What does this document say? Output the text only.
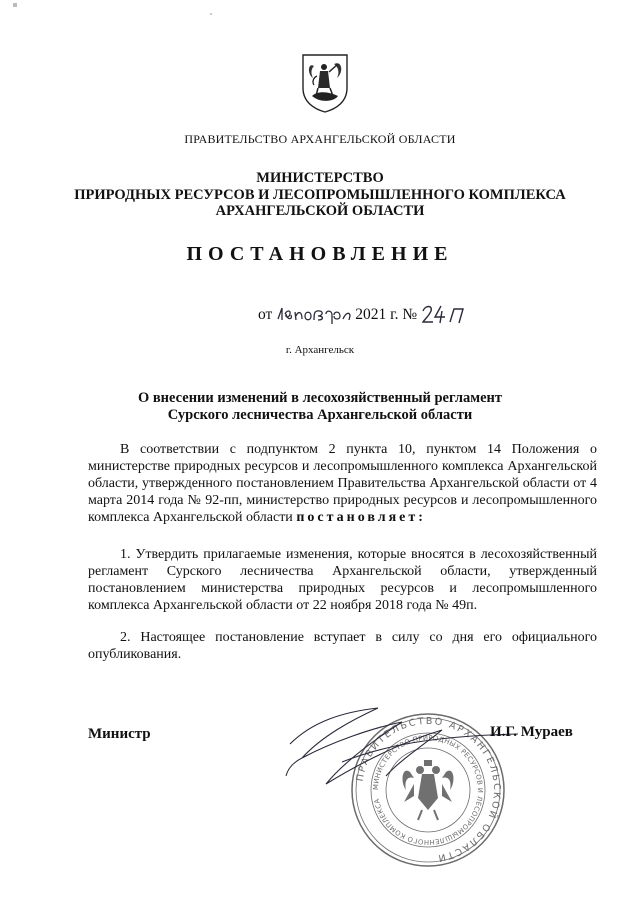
ПРАВИТЕЛЬСТВО АРХАНГЕЛЬСКОЙ ОБЛАСТИ
МИНИСТЕРСТВО
ПРИРОДНЫХ РЕСУРСОВ И ЛЕСОПРОМЫШЛЕННОГО КОМПЛЕКСА
АРХАНГЕЛЬСКОЙ ОБЛАСТИ
ПОСТАНОВЛЕНИЕ
от	2021 г. №
г. Архангельск
О внесении изменений в лесохозяйственный регламент
Сурского лесничества Архангельской области
В соответствии с подпунктом 2 пункта 10, пунктом 14 Положения о министерстве природных ресурсов и лесопромышленного комплекса Архангельской области, утвержденного постановлением Правительства Архангельской области от 4 марта 2014 года № 92-пп, министерство природных ресурсов и лесопромышленного комплекса Архангельской области постановляет:
1. Утвердить прилагаемые изменения, которые вносятся в лесохозяйственный регламент Сурского лесничества Архангельской области, утвержденный постановлением министерства природных ресурсов и лесопромышленного комплекса Архангельской области от 22 ноября 2018 года № 49п.
2. Настоящее постановление вступает в силу со дня его официального опубликования.
ПРАВИТЕЛЬСТВО АРХАНГЕЛЬСКОЙ ОБЛАСТИ
МИНИСТЕРСТВО ПРИРОДНЫХ РЕСУРСОВ И ЛЕСОПРОМЫШЛЕННОГО КОМПЛЕКСА
Министр	И.Г. Мураев
